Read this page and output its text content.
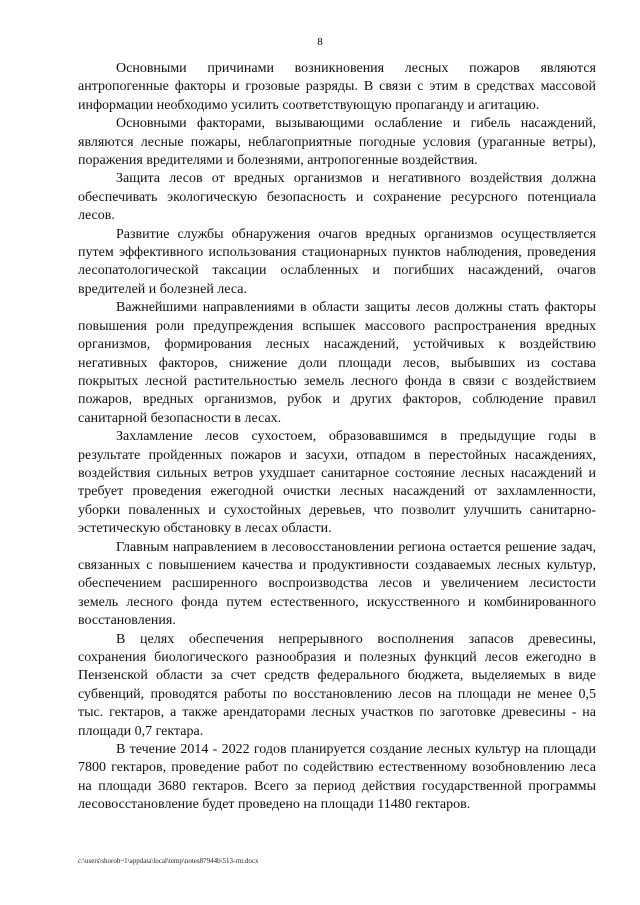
8

Основными причинами возникновения лесных пожаров являются антропогенные факторы и грозовые разряды. В связи с этим в средствах массовой информации необходимо усилить соответствующую пропаганду и агитацию.

Основными факторами, вызывающими ослабление и гибель насаждений, являются лесные пожары, неблагоприятные погодные условия (ураганные ветры), поражения вредителями и болезнями, антропогенные воздействия.

Защита лесов от вредных организмов и негативного воздействия должна обеспечивать экологическую безопасность и сохранение ресурсного потенциала лесов.

Развитие службы обнаружения очагов вредных организмов осуществляется путем эффективного использования стационарных пунктов наблюдения, проведения лесопатологической таксации ослабленных и погибших насаждений, очагов вредителей и болезней леса.

Важнейшими направлениями в области защиты лесов должны стать факторы повышения роли предупреждения вспышек массового распространения вредных организмов, формирования лесных насаждений, устойчивых к воздействию негативных факторов, снижение доли площади лесов, выбывших из состава покрытых лесной растительностью земель лесного фонда в связи с воздействием пожаров, вредных организмов, рубок и других факторов, соблюдение правил санитарной безопасности в лесах.

Захламление лесов сухостоем, образовавшимся в предыдущие годы в результате пройденных пожаров и засухи, отпадом в перестойных насаждениях, воздействия сильных ветров ухудшает санитарное состояние лесных насаждений и требует проведения ежегодной очистки лесных насаждений от захламленности, уборки поваленных и сухостойных деревьев, что позволит улучшить санитарно-эстетическую обстановку в лесах области.

Главным направлением в лесовосстановлении региона остается решение задач, связанных с повышением качества и продуктивности создаваемых лесных культур, обеспечением расширенного воспроизводства лесов и увеличением лесистости земель лесного фонда путем естественного, искусственного и комбинированного восстановления.

В целях обеспечения непрерывного восполнения запасов древесины, сохранения биологического разнообразия и полезных функций лесов ежегодно в Пензенской области за счет средств федерального бюджета, выделяемых в виде субвенций, проводятся работы по восстановлению лесов на площади не менее 0,5 тыс. гектаров, а также арендаторами лесных участков по заготовке древесины - на площади 0,7 гектара.

В течение 2014 - 2022 годов планируется создание лесных культур на площади 7800 гектаров, проведение работ по содействию естественному возобновлению леса на площади 3680 гектаров. Всего за период действия государственной программы лесовосстановление будет проведено на площади 11480 гектаров.

c:\users\shoroh~1\appdata\local\temp\notes87944b\513-rm.docx
